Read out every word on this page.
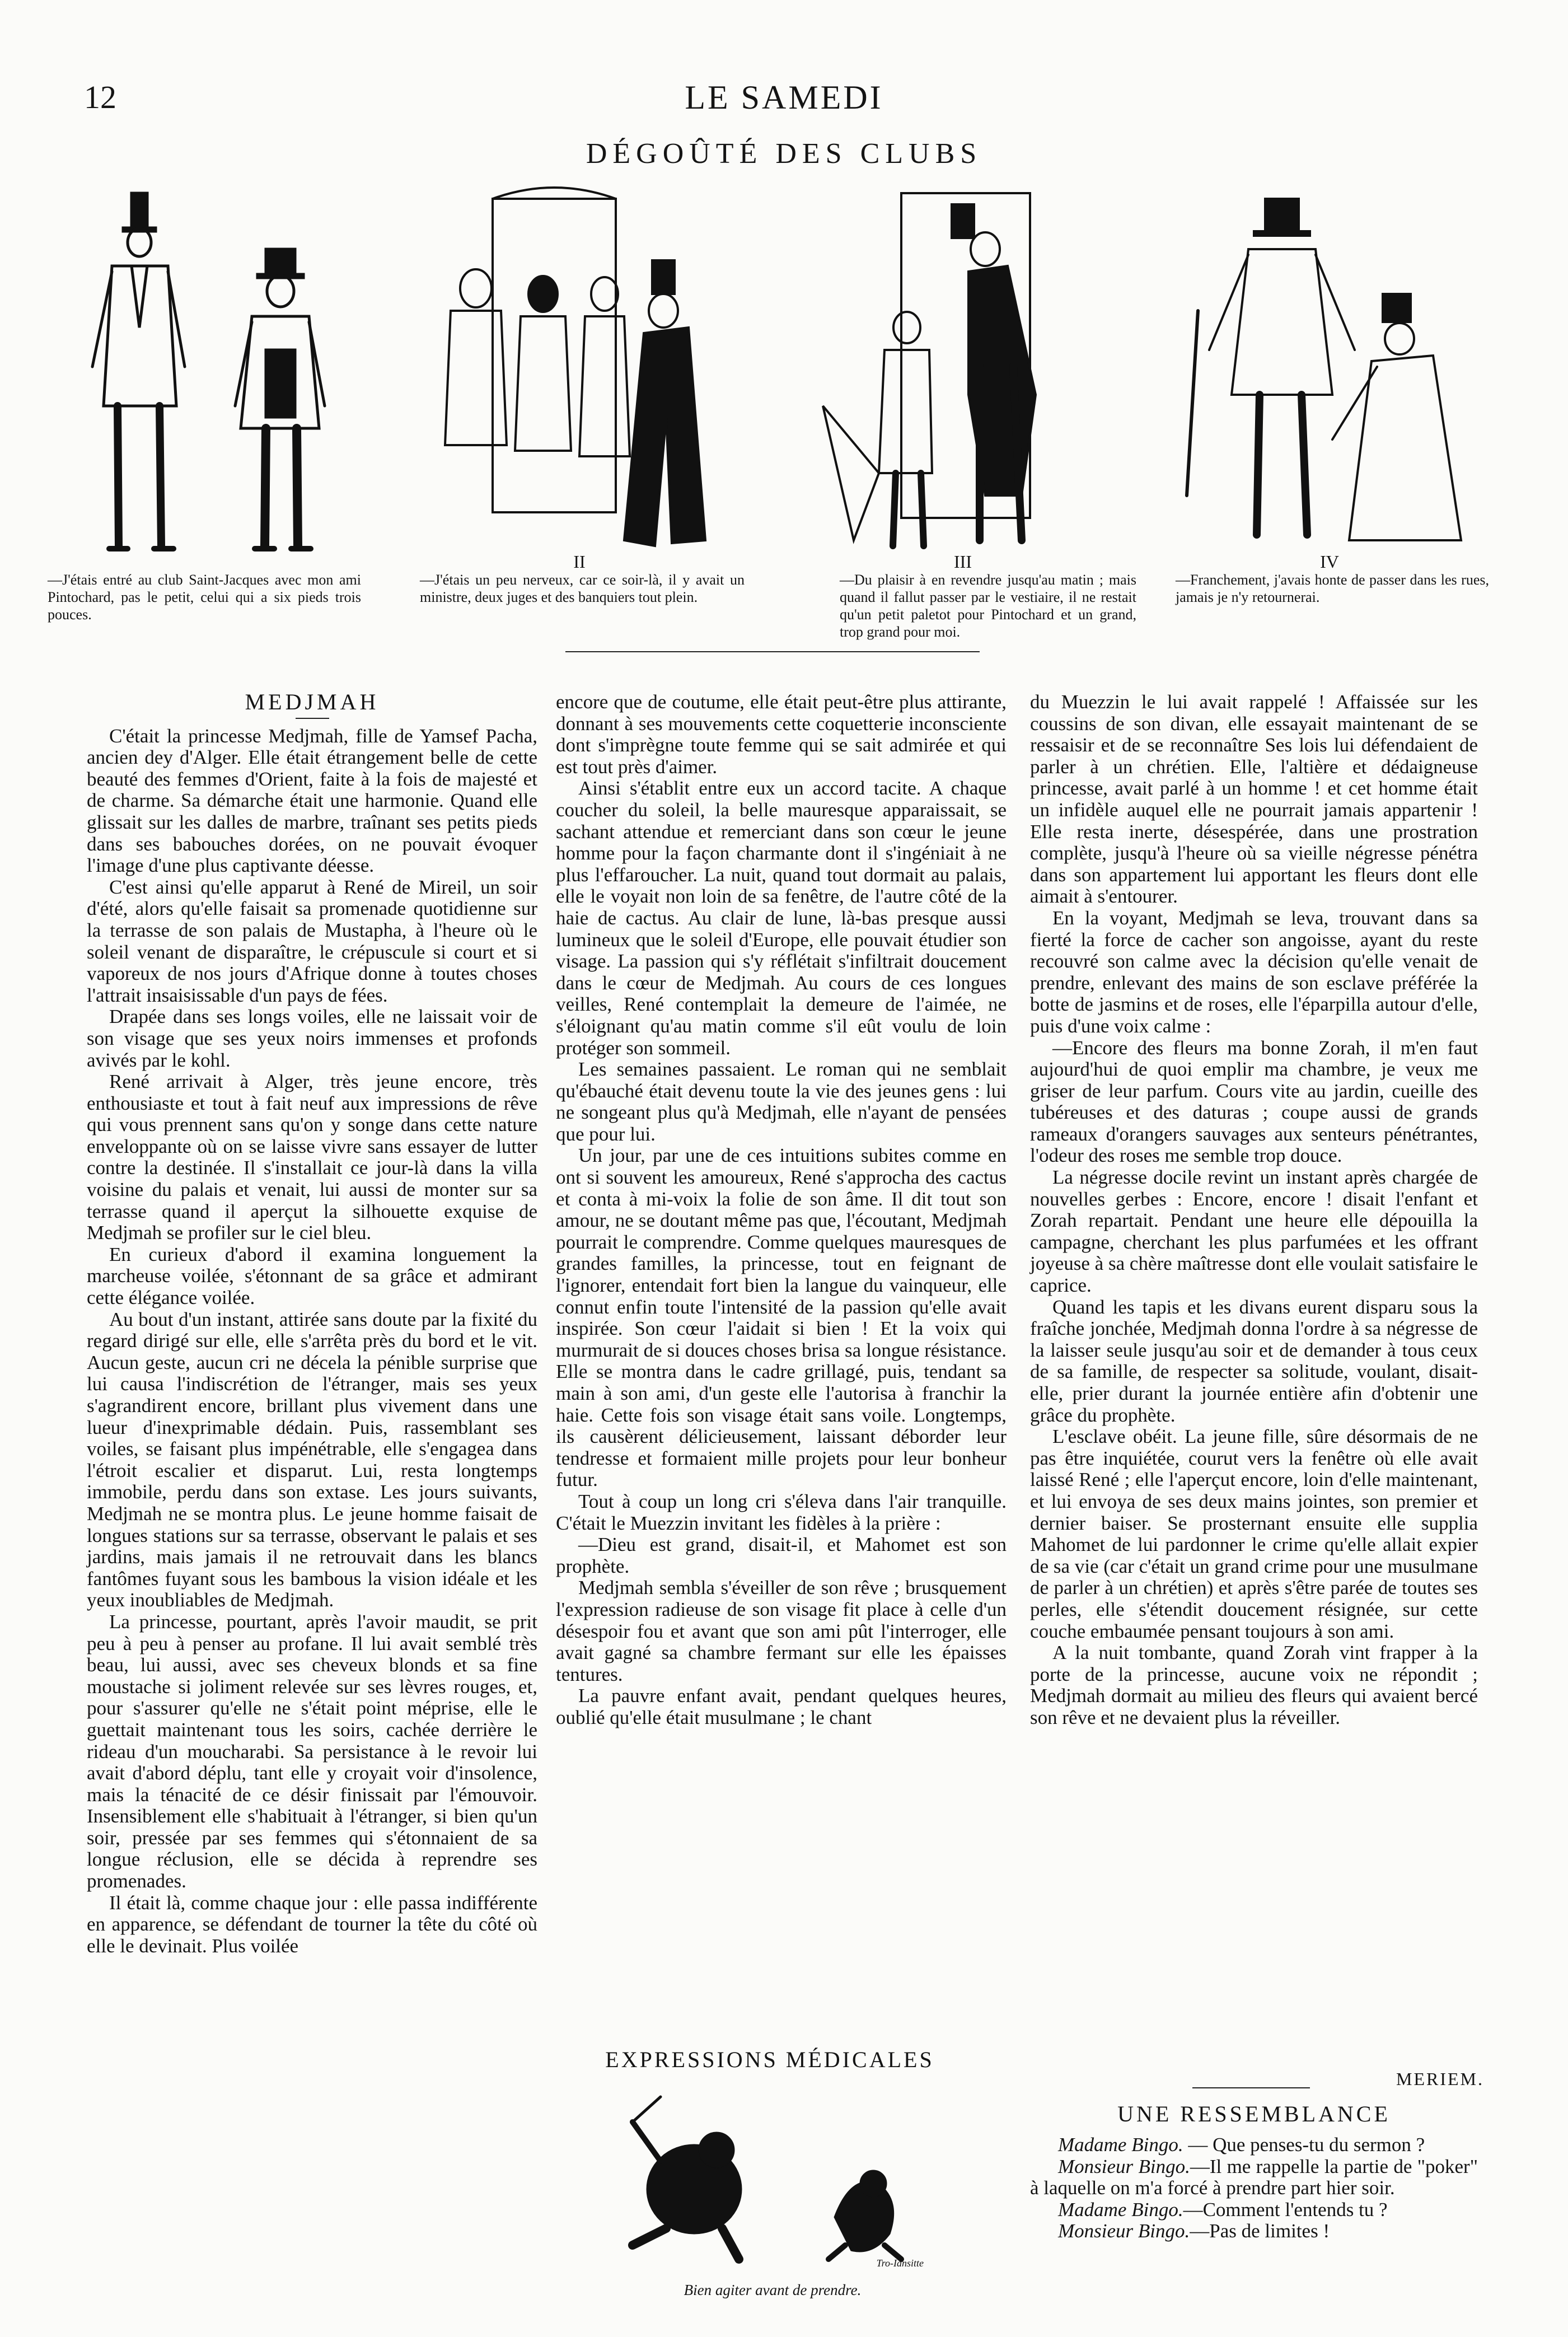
12	LE SAMEDI
DÉGOÛTÉ DES CLUBS
—J'étais entré au club Saint-Jacques avec mon ami Pintochard, pas le petit, celui qui a six pieds trois pouces.
II
—J'étais un peu nerveux, car ce soir-là, il y avait un ministre, deux juges et des banquiers tout plein.
III
—Du plaisir à en revendre jusqu'au matin ; mais quand il fallut passer par le vestiaire, il ne restait qu'un petit paletot pour Pintochard et un grand, trop grand pour moi.
IV
—Franchement, j'avais honte de passer dans les rues, jamais je n'y retournerai.
MEDJMAH

C'était la princesse Medjmah, fille de Yamsef Pacha, ancien dey d'Alger. Elle était étrangement belle de cette beauté des femmes d'Orient, faite à la fois de majesté et de charme. Sa démarche était une harmonie. Quand elle glissait sur les dalles de marbre, traînant ses petits pieds dans ses babouches dorées, on ne pouvait évoquer l'image d'une plus captivante déesse.

C'est ainsi qu'elle apparut à René de Mireil, un soir d'été, alors qu'elle faisait sa promenade quotidienne sur la terrasse de son palais de Mustapha, à l'heure où le soleil venant de disparaître, le crépuscule si court et si vaporeux de nos jours d'Afrique donne à toutes choses l'attrait insaisissable d'un pays de fées.

Drapée dans ses longs voiles, elle ne laissait voir de son visage que ses yeux noirs immenses et profonds avivés par le kohl.

René arrivait à Alger, très jeune encore, très enthousiaste et tout à fait neuf aux impressions de rêve qui vous prennent sans qu'on y songe dans cette nature enveloppante où on se laisse vivre sans essayer de lutter contre la destinée. Il s'installait ce jour-là dans la villa voisine du palais et venait, lui aussi de monter sur sa terrasse quand il aperçut la silhouette exquise de Medjmah se profiler sur le ciel bleu.

En curieux d'abord il examina longuement la marcheuse voilée, s'étonnant de sa grâce et admirant cette élégance voilée.

Au bout d'un instant, attirée sans doute par la fixité du regard dirigé sur elle, elle s'arrêta près du bord et le vit. Aucun geste, aucun cri ne décela la pénible surprise que lui causa l'indiscrétion de l'étranger, mais ses yeux s'agrandirent encore, brillant plus vivement dans une lueur d'inexprimable dédain. Puis, rassemblant ses voiles, se faisant plus impénétrable, elle s'engagea dans l'étroit escalier et disparut. Lui, resta longtemps immobile, perdu dans son extase. Les jours suivants, Medjmah ne se montra plus. Le jeune homme faisait de longues stations sur sa terrasse, observant le palais et ses jardins, mais jamais il ne retrouvait dans les blancs fantômes fuyant sous les bambous la vision idéale et les yeux inoubliables de Medjmah.

La princesse, pourtant, après l'avoir maudit, se prit peu à peu à penser au profane. Il lui avait semblé très beau, lui aussi, avec ses cheveux blonds et sa fine moustache si joliment relevée sur ses lèvres rouges, et, pour s'assurer qu'elle ne s'était point méprise, elle le guettait maintenant tous les soirs, cachée derrière le rideau d'un moucharabi. Sa persistance à le revoir lui avait d'abord déplu, tant elle y croyait voir d'insolence, mais la ténacité de ce désir finissait par l'émouvoir. Insensiblement elle s'habituait à l'étranger, si bien qu'un soir, pressée par ses femmes qui s'étonnaient de sa longue réclusion, elle se décida à reprendre ses promenades.

Il était là, comme chaque jour : elle passa indifférente en apparence, se défendant de tourner la tête du côté où elle le devinait. Plus voilée

encore que de coutume, elle était peut-être plus attirante, donnant à ses mouvements cette coquetterie inconsciente dont s'imprègne toute femme qui se sait admirée et qui est tout près d'aimer.

Ainsi s'établit entre eux un accord tacite. A chaque coucher du soleil, la belle mauresque apparaissait, se sachant attendue et remerciant dans son cœur le jeune homme pour la façon charmante dont il s'ingéniait à ne plus l'effaroucher. La nuit, quand tout dormait au palais, elle le voyait non loin de sa fenêtre, de l'autre côté de la haie de cactus. Au clair de lune, là-bas presque aussi lumineux que le soleil d'Europe, elle pouvait étudier son visage. La passion qui s'y réflétait s'infiltrait doucement dans le cœur de Medjmah. Au cours de ces longues veilles, René contemplait la demeure de l'aimée, ne s'éloignant qu'au matin comme s'il eût voulu de loin protéger son sommeil.

Les semaines passaient. Le roman qui ne semblait qu'ébauché était devenu toute la vie des jeunes gens : lui ne songeant plus qu'à Medjmah, elle n'ayant de pensées que pour lui.

Un jour, par une de ces intuitions subites comme en ont si souvent les amoureux, René s'approcha des cactus et conta à mi-voix la folie de son âme. Il dit tout son amour, ne se doutant même pas que, l'écoutant, Medjmah pourrait le comprendre. Comme quelques mauresques de grandes familles, la princesse, tout en feignant de l'ignorer, entendait fort bien la langue du vainqueur, elle connut enfin toute l'intensité de la passion qu'elle avait inspirée. Son cœur l'aidait si bien ! Et la voix qui murmurait de si douces choses brisa sa longue résistance. Elle se montra dans le cadre grillagé, puis, tendant sa main à son ami, d'un geste elle l'autorisa à franchir la haie. Cette fois son visage était sans voile. Longtemps, ils causèrent délicieusement, laissant déborder leur tendresse et formaient mille projets pour leur bonheur futur.

Tout à coup un long cri s'éleva dans l'air tranquille. C'était le Muezzin invitant les fidèles à la prière :

—Dieu est grand, disait-il, et Mahomet est son prophète.

Medjmah sembla s'éveiller de son rêve ; brusquement l'expression radieuse de son visage fit place à celle d'un désespoir fou et avant que son ami pût l'interroger, elle avait gagné sa chambre fermant sur elle les épaisses tentures.

La pauvre enfant avait, pendant quelques heures, oublié qu'elle était musulmane ; le chant

du Muezzin le lui avait rappelé ! Affaissée sur les coussins de son divan, elle essayait maintenant de se ressaisir et de se reconnaître Ses lois lui défendaient de parler à un chrétien. Elle, l'altière et dédaigneuse princesse, avait parlé à un homme ! et cet homme était un infidèle auquel elle ne pourrait jamais appartenir ! Elle resta inerte, désespérée, dans une prostration complète, jusqu'à l'heure où sa vieille négresse pénétra dans son appartement lui apportant les fleurs dont elle aimait à s'entourer.

En la voyant, Medjmah se leva, trouvant dans sa fierté la force de cacher son angoisse, ayant du reste recouvré son calme avec la décision qu'elle venait de prendre, enlevant des mains de son esclave préférée la botte de jasmins et de roses, elle l'éparpilla autour d'elle, puis d'une voix calme :

—Encore des fleurs ma bonne Zorah, il m'en faut aujourd'hui de quoi emplir ma chambre, je veux me griser de leur parfum. Cours vite au jardin, cueille des tubéreuses et des daturas ; coupe aussi de grands rameaux d'orangers sauvages aux senteurs pénétrantes, l'odeur des roses me semble trop douce.

La négresse docile revint un instant après chargée de nouvelles gerbes : Encore, encore ! disait l'enfant et Zorah repartait. Pendant une heure elle dépouilla la campagne, cherchant les plus parfumées et les offrant joyeuse à sa chère maîtresse dont elle voulait satisfaire le caprice.

Quand les tapis et les divans eurent disparu sous la fraîche jonchée, Medjmah donna l'ordre à sa négresse de la laisser seule jusqu'au soir et de demander à tous ceux de sa famille, de respecter sa solitude, voulant, disait-elle, prier durant la journée entière afin d'obtenir une grâce du prophète.

L'esclave obéit. La jeune fille, sûre désormais de ne pas être inquiétée, courut vers la fenêtre où elle avait laissé René ; elle l'aperçut encore, loin d'elle maintenant, et lui envoya de ses deux mains jointes, son premier et dernier baiser. Se prosternant ensuite elle supplia Mahomet de lui pardonner le crime qu'elle allait expier de sa vie (car c'était un grand crime pour une musulmane de parler à un chrétien) et après s'être parée de toutes ses perles, elle s'étendit doucement résignée, sur cette couche embaumée pensant toujours à son ami.

A la nuit tombante, quand Zorah vint frapper à la porte de la princesse, aucune voix ne répondit ; Medjmah dormait au milieu des fleurs qui avaient bercé son rêve et ne devaient plus la réveiller.

MERIEM.
EXPRESSIONS MÉDICALES
Tro-Iansitte
Bien agiter avant de prendre.
UNE RESSEMBLANCE

Madame Bingo. — Que penses-tu du sermon ?

Monsieur Bingo.—Il me rappelle la partie de "poker" à laquelle on m'a forcé à prendre part hier soir.

Madame Bingo.—Comment l'entends tu ?

Monsieur Bingo.—Pas de limites !
